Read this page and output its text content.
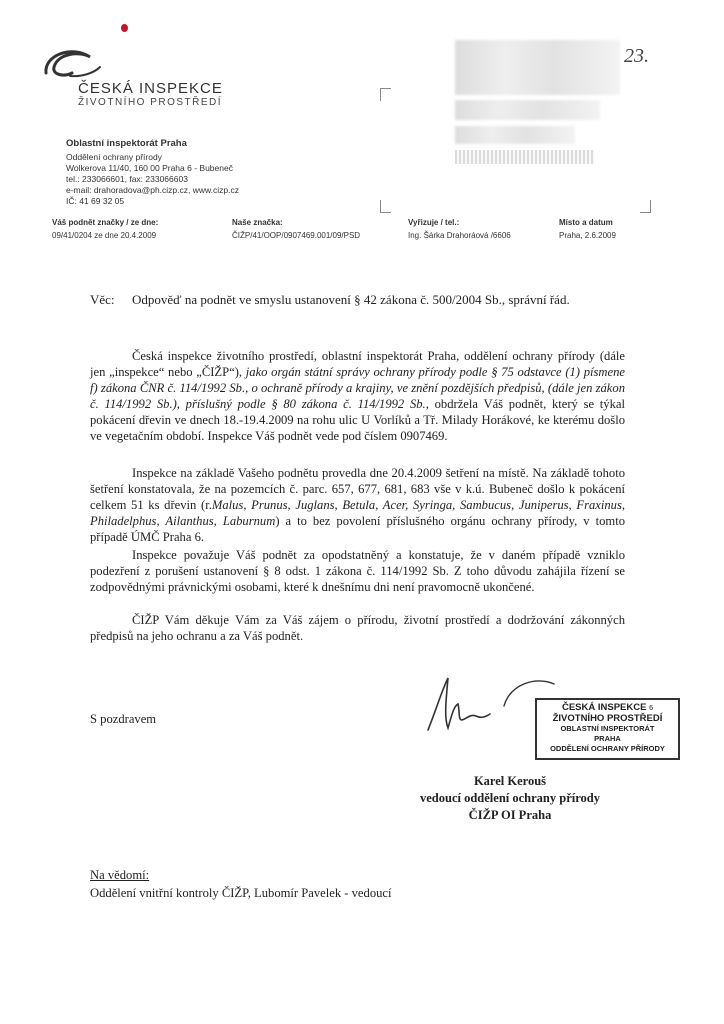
ČESKÁ INSPEKCE
ŽIVOTNÍHO PROSTŘEDÍ
Oblastní inspektorát Praha
Oddělení ochrany přírody
Wolkerova 11/40, 160 00 Praha 6 - Bubeneč
tel.: 233066601, fax: 233066603
e-mail: drahoradova@ph.cizp.cz, www.cizp.cz
IČ: 41 69 32 05
23.
Váš podnět značky / ze dne:
09/41/0204 ze dne 20.4.2009
Naše značka:
ČIŽP/41/OOP/0907469.001/09/PSD
Vyřizuje / tel.:
Ing. Šárka Drahoráová /6606
Místo a datum
Praha, 2.6.2009
Věc: Odpověď na podnět ve smyslu ustanovení § 42 zákona č. 500/2004 Sb., správní řád.

Česká inspekce životního prostředí, oblastní inspektorát Praha, oddělení ochrany přírody (dále jen „inspekce“ nebo „ČIŽP“), jako orgán státní správy ochrany přírody podle § 75 odstavce (1) písmene f) zákona ČNR č. 114/1992 Sb., o ochraně přírody a krajiny, ve znění pozdějších předpisů, (dále jen zákon č. 114/1992 Sb.), příslušný podle § 80 zákona č. 114/1992 Sb., obdržela Váš podnět, který se týkal pokácení dřevin ve dnech 18.-19.4.2009 na rohu ulic U Vorlíků a Tř. Milady Horákové, ke kterému došlo ve vegetačním období. Inspekce Váš podnět vede pod číslem 0907469.

Inspekce na základě Vašeho podnětu provedla dne 20.4.2009 šetření na místě. Na základě tohoto šetření konstatovala, že na pozemcích č. parc. 657, 677, 681, 683 vše v k.ú. Bubeneč došlo k pokácení celkem 51 ks dřevin (r.Malus, Prunus, Juglans, Betula, Acer, Syringa, Sambucus, Juniperus, Fraxinus, Philadelphus, Ailanthus, Laburnum) a to bez povolení příslušného orgánu ochrany přírody, v tomto případě ÚMČ Praha 6.

Inspekce považuje Váš podnět za opodstatněný a konstatuje, že v daném případě vzniklo podezření z porušení ustanovení § 8 odst. 1 zákona č. 114/1992 Sb. Z toho důvodu zahájila řízení se zodpovědnými právnickými osobami, které k dnešnímu dni není pravomocně ukončené.

ČIŽP Vám děkuje Vám za Váš zájem o přírodu, životní prostředí a dodržování zákonných předpisů na jeho ochranu a za Váš podnět.

S pozdravem
ČESKÁ INSPEKCE 6
ŽIVOTNÍHO PROSTŘEDÍ
OBLASTNÍ INSPEKTORÁT
PRAHA
ODDĚLENÍ OCHRANY PŘÍRODY
Karel Kerouš
vedoucí oddělení ochrany přírody
ČIŽP OI Praha
Na vědomí:
Oddělení vnitřní kontroly ČIŽP, Lubomír Pavelek - vedoucí
